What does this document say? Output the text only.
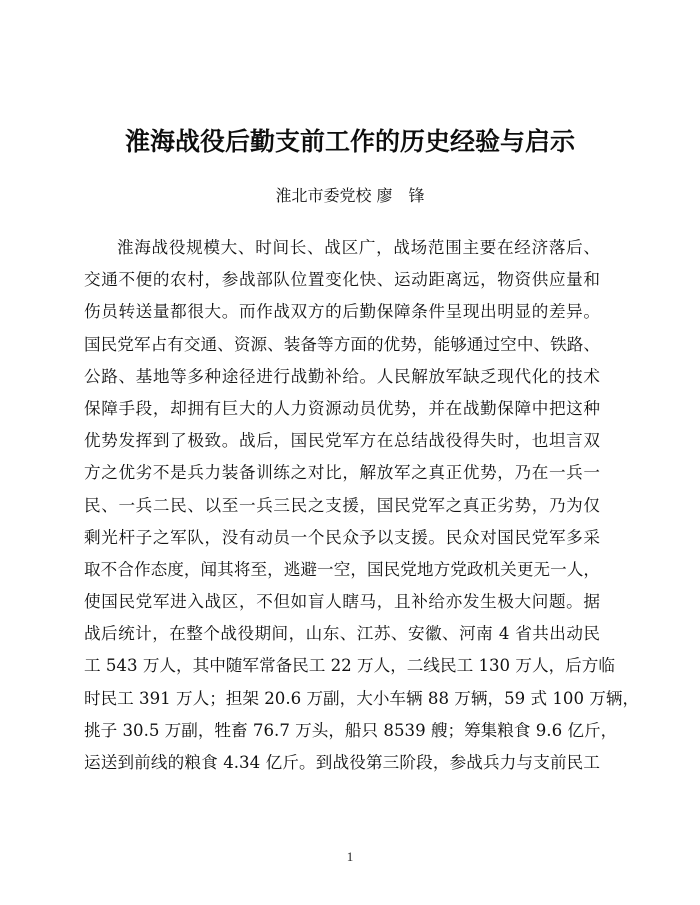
淮海战役后勤支前工作的历史经验与启示
淮北市委党校 廖　锋
淮海战役规模大、时间长、战区广，战场范围主要在经济落后、
交通不便的农村，参战部队位置变化快、运动距离远，物资供应量和
伤员转送量都很大。而作战双方的后勤保障条件呈现出明显的差异。
国民党军占有交通、资源、装备等方面的优势，能够通过空中、铁路、
公路、基地等多种途径进行战勤补给。人民解放军缺乏现代化的技术
保障手段，却拥有巨大的人力资源动员优势，并在战勤保障中把这种
优势发挥到了极致。战后，国民党军方在总结战役得失时，也坦言双
方之优劣不是兵力装备训练之对比，解放军之真正优势，乃在一兵一
民、一兵二民、以至一兵三民之支援，国民党军之真正劣势，乃为仅
剩光杆子之军队，没有动员一个民众予以支援。民众对国民党军多采
取不合作态度，闻其将至，逃避一空，国民党地方党政机关更无一人，
使国民党军进入战区，不但如盲人瞎马，且补给亦发生极大问题。据
战后统计，在整个战役期间，山东、江苏、安徽、河南 4 省共出动民
工 543 万人，其中随军常备民工 22 万人，二线民工 130 万人，后方临
时民工 391 万人；担架 20.6 万副，大小车辆 88 万辆，59 式 100 万辆，
挑子 30.5 万副，牲畜 76.7 万头，船只 8539 艘；筹集粮食 9.6 亿斤，
运送到前线的粮食 4.34 亿斤。到战役第三阶段，参战兵力与支前民工
1
